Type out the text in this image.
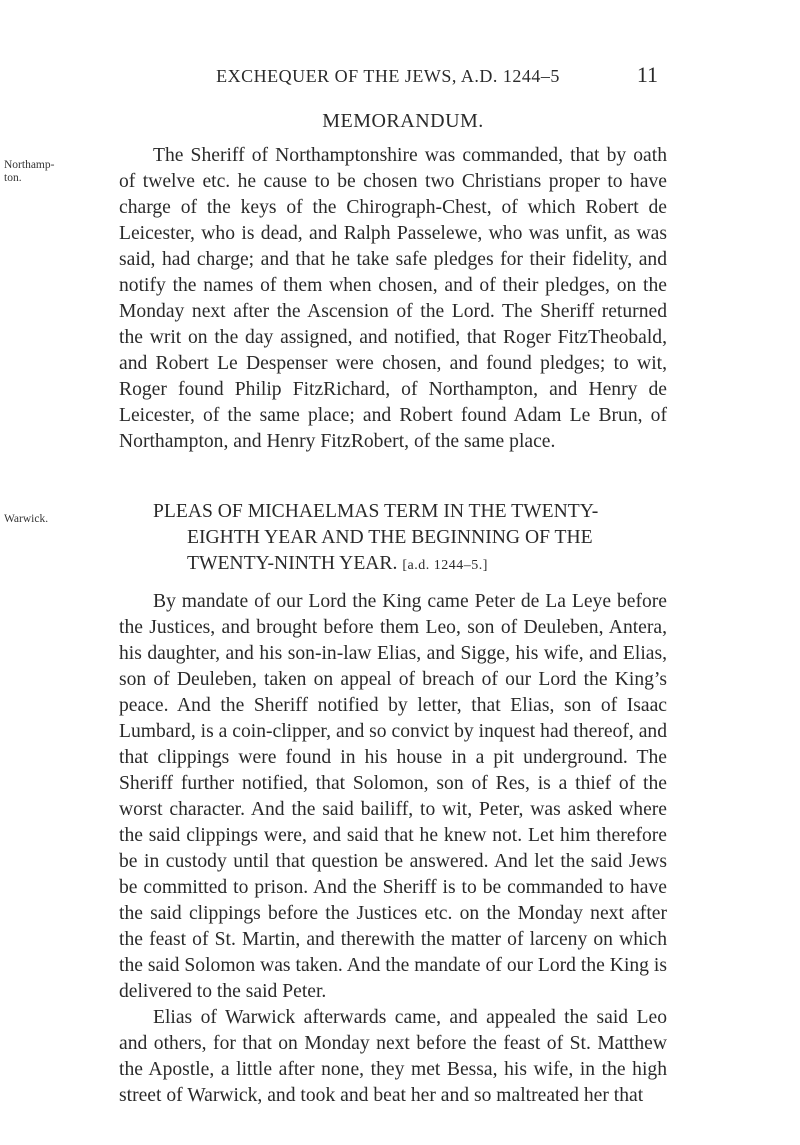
EXCHEQUER OF THE JEWS, A.D. 1244–5	11
Northamp-
ton.
Warwick.
MEMORANDUM.

The Sheriff of Northamptonshire was commanded, that by oath of twelve etc. he cause to be chosen two Christians proper to have charge of the keys of the Chirograph-Chest, of which Robert de Leicester, who is dead, and Ralph Passelewe, who was unfit, as was said, had charge; and that he take safe pledges for their fidelity, and notify the names of them when chosen, and of their pledges, on the Monday next after the Ascension of the Lord. The Sheriff returned the writ on the day assigned, and notified, that Roger FitzTheobald, and Robert Le Despenser were chosen, and found pledges; to wit, Roger found Philip FitzRichard, of Northampton, and Henry de Leicester, of the same place; and Robert found Adam Le Brun, of Northampton, and Henry FitzRobert, of the same place.

PLEAS OF MICHAELMAS TERM IN THE TWENTY-EIGHTH YEAR AND THE BEGINNING OF THE TWENTY-NINTH YEAR. [a.d. 1244–5.]

By mandate of our Lord the King came Peter de La Leye before the Justices, and brought before them Leo, son of Deuleben, Antera, his daughter, and his son-in-law Elias, and Sigge, his wife, and Elias, son of Deuleben, taken on appeal of breach of our Lord the King’s peace. And the Sheriff notified by letter, that Elias, son of Isaac Lumbard, is a coin-clipper, and so convict by inquest had thereof, and that clippings were found in his house in a pit underground. The Sheriff further notified, that Solomon, son of Res, is a thief of the worst character. And the said bailiff, to wit, Peter, was asked where the said clippings were, and said that he knew not. Let him therefore be in custody until that question be answered. And let the said Jews be committed to prison. And the Sheriff is to be commanded to have the said clippings before the Justices etc. on the Monday next after the feast of St. Martin, and therewith the matter of larceny on which the said Solomon was taken. And the mandate of our Lord the King is delivered to the said Peter.

Elias of Warwick afterwards came, and appealed the said Leo and others, for that on Monday next before the feast of St. Matthew the Apostle, a little after none, they met Bessa, his wife, in the high street of Warwick, and took and beat her and so maltreated her that
